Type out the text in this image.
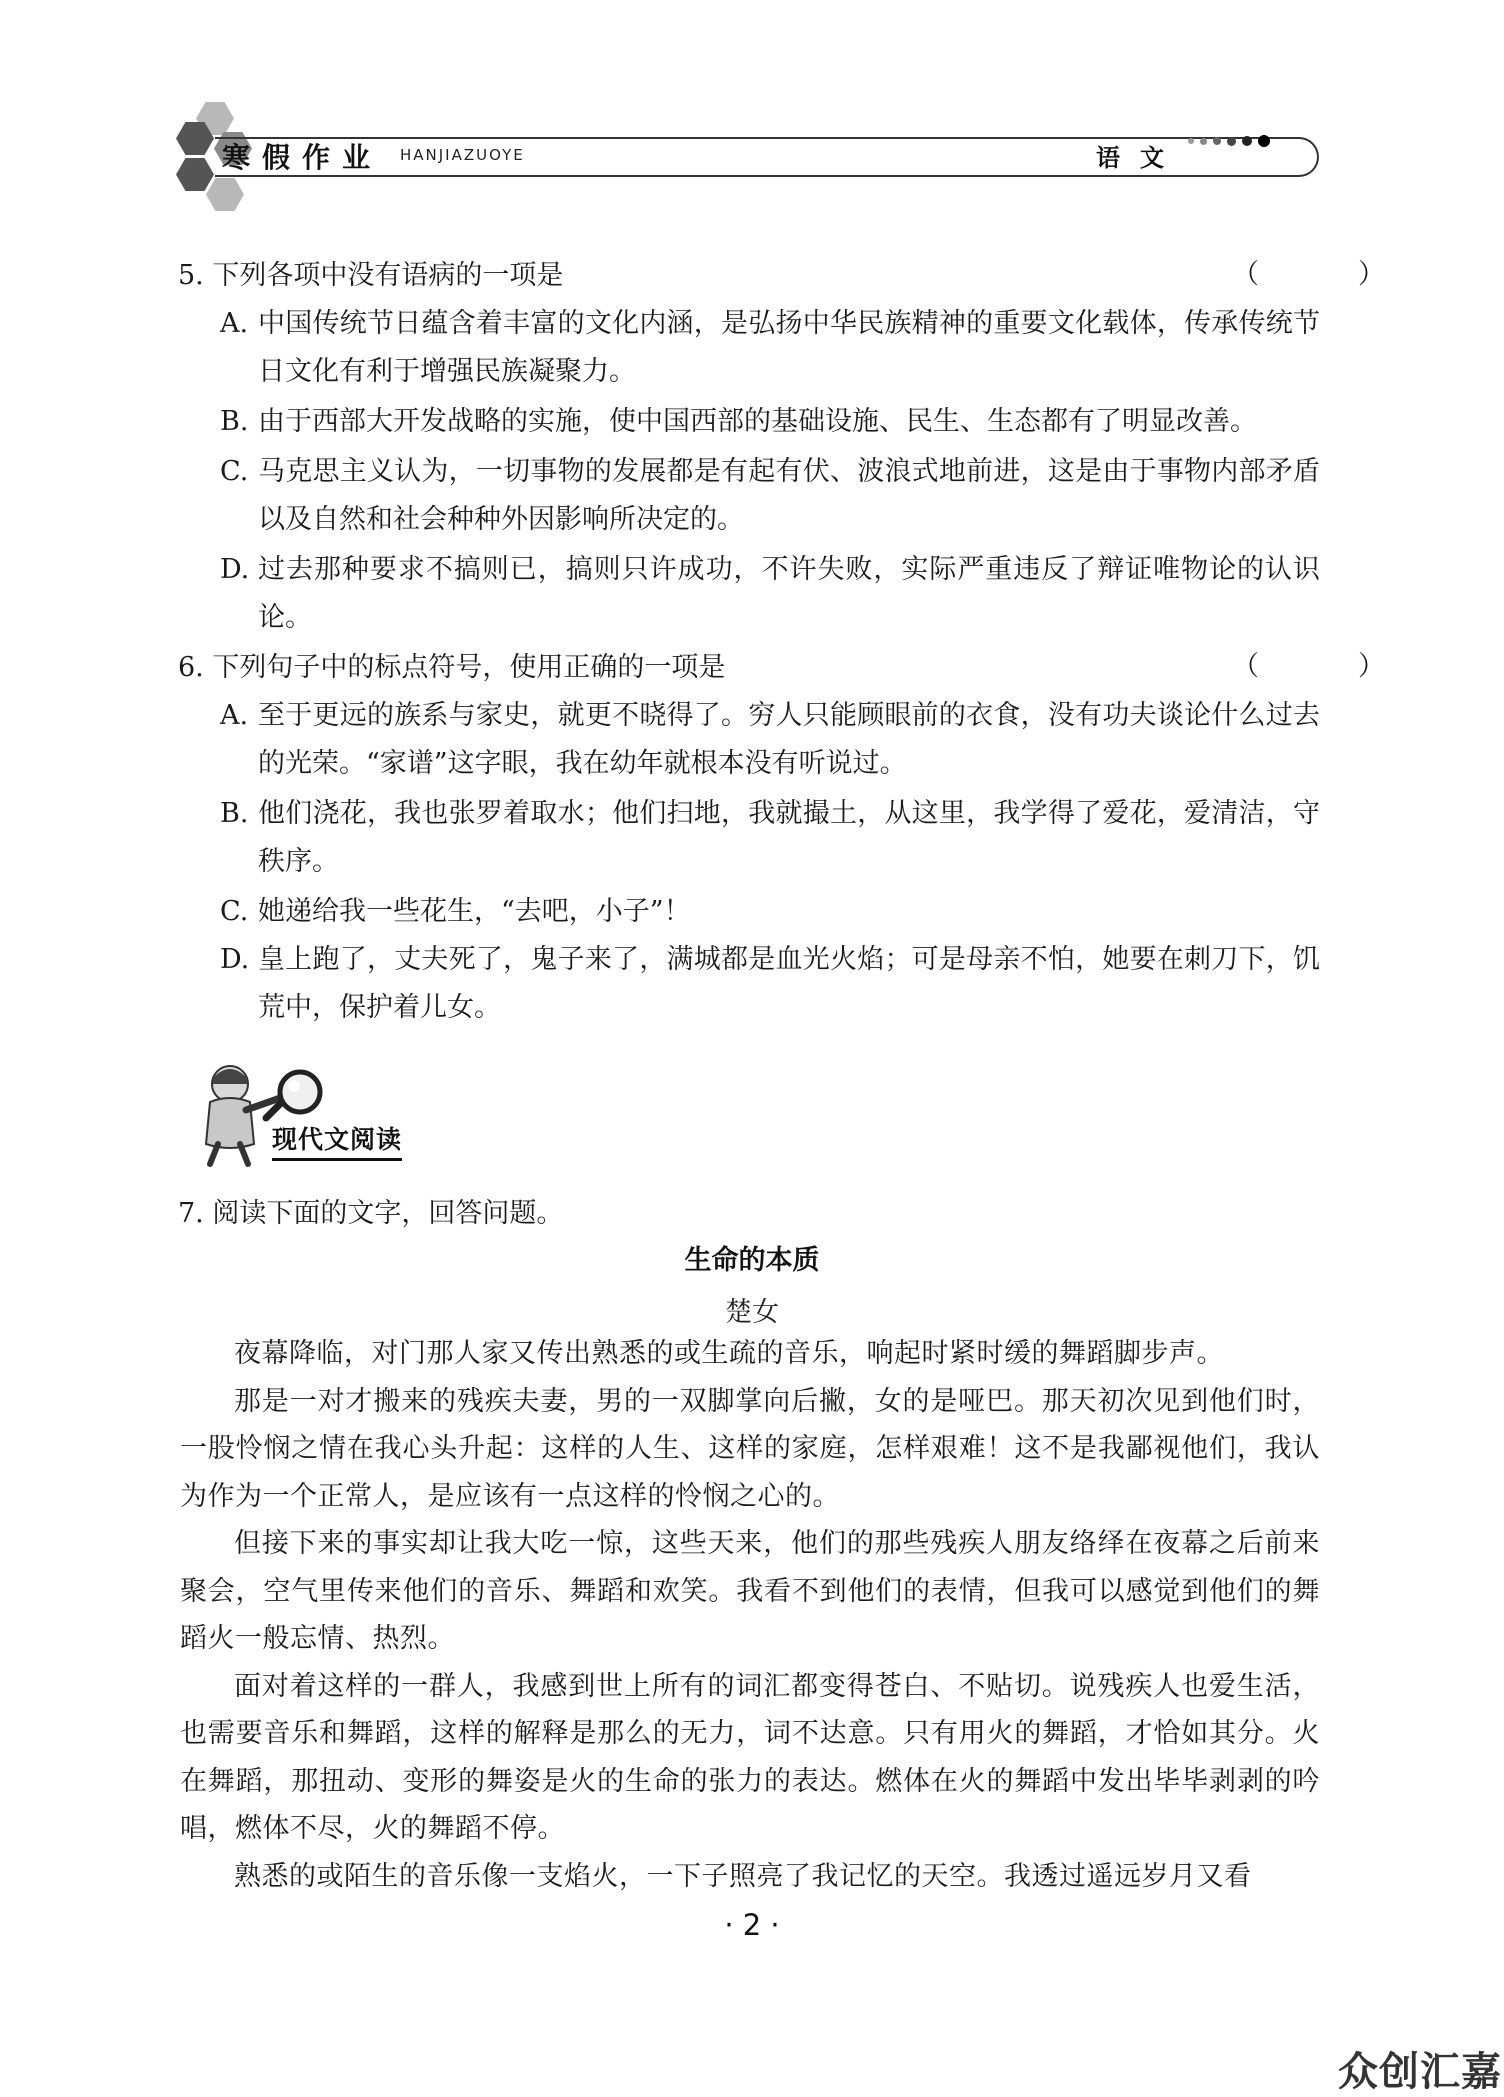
寒假作业 HANJIAZUOYE	语文
5. 下列各项中没有语病的一项是	（　）
A. 中国传统节日蕴含着丰富的文化内涵，是弘扬中华民族精神的重要文化载体，传承传统节日文化有利于增强民族凝聚力。
B. 由于西部大开发战略的实施，使中国西部的基础设施、民生、生态都有了明显改善。
C. 马克思主义认为，一切事物的发展都是有起有伏、波浪式地前进，这是由于事物内部矛盾以及自然和社会种种外因影响所决定的。
D. 过去那种要求不搞则已，搞则只许成功，不许失败，实际严重违反了辩证唯物论的认识论。
6. 下列句子中的标点符号，使用正确的一项是	（　）
A. 至于更远的族系与家史，就更不晓得了。穷人只能顾眼前的衣食，没有功夫谈论什么过去的光荣。“家谱”这字眼，我在幼年就根本没有听说过。
B. 他们浇花，我也张罗着取水；他们扫地，我就撮土，从这里，我学得了爱花，爱清洁，守秩序。
C. 她递给我一些花生，“去吧，小子”！
D. 皇上跑了，丈夫死了，鬼子来了，满城都是血光火焰；可是母亲不怕，她要在刺刀下，饥荒中，保护着儿女。
现代文阅读
7. 阅读下面的文字，回答问题。
生命的本质
楚女

夜幕降临，对门那人家又传出熟悉的或生疏的音乐，响起时紧时缓的舞蹈脚步声。

那是一对才搬来的残疾夫妻，男的一双脚掌向后撇，女的是哑巴。那天初次见到他们时，一股怜悯之情在我心头升起：这样的人生、这样的家庭，怎样艰难！这不是我鄙视他们，我认为作为一个正常人，是应该有一点这样的怜悯之心的。

但接下来的事实却让我大吃一惊，这些天来，他们的那些残疾人朋友络绎在夜幕之后前来聚会，空气里传来他们的音乐、舞蹈和欢笑。我看不到他们的表情，但我可以感觉到他们的舞蹈火一般忘情、热烈。

面对着这样的一群人，我感到世上所有的词汇都变得苍白、不贴切。说残疾人也爱生活，也需要音乐和舞蹈，这样的解释是那么的无力，词不达意。只有用火的舞蹈，才恰如其分。火在舞蹈，那扭动、变形的舞姿是火的生命的张力的表达。燃体在火的舞蹈中发出毕毕剥剥的吟唱，燃体不尽，火的舞蹈不停。

熟悉的或陌生的音乐像一支焰火，一下子照亮了我记忆的天空。我透过遥远岁月又看

· 2 ·
众创汇嘉
